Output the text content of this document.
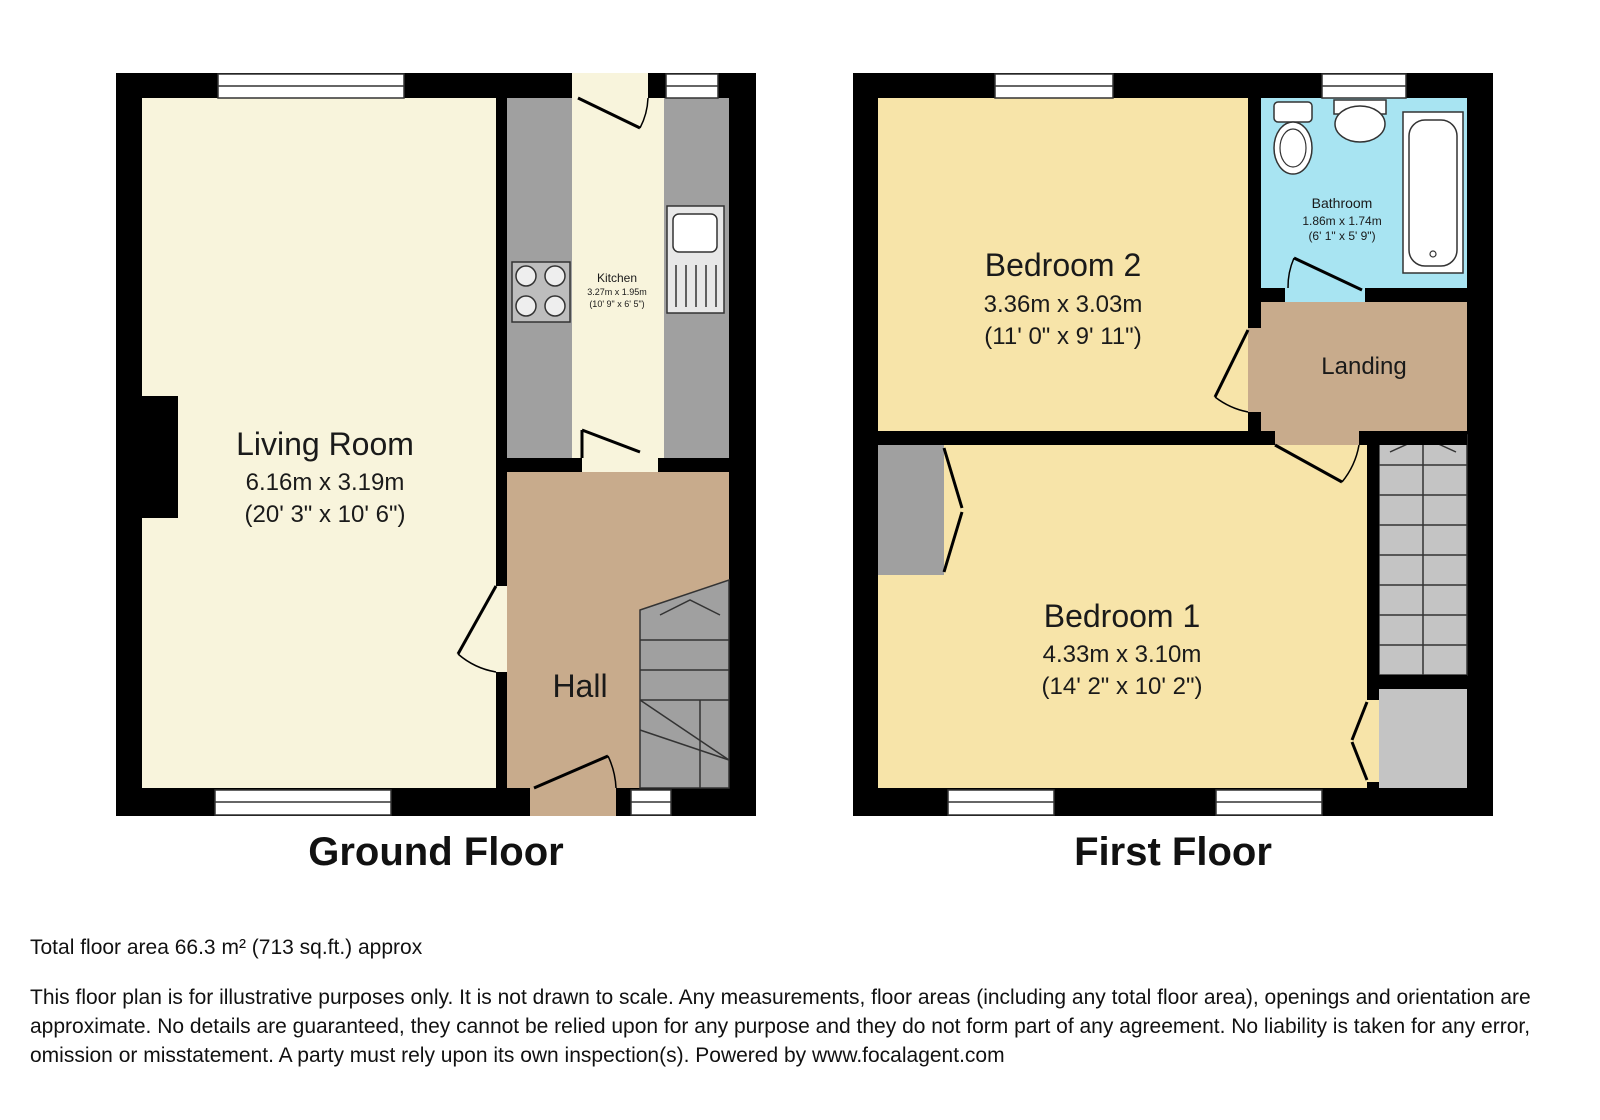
Living Room
6.16m x 3.19m
(20' 3" x 10' 6")
Kitchen
3.27m x 1.95m
(10' 9" x 6' 5")
Hall
Bedroom 2
3.36m x 3.03m
(11' 0" x 9' 11")
Bathroom
1.86m x 1.74m
(6' 1" x 5' 9")
Landing
Bedroom 1
4.33m x 3.10m
(14' 2" x 10' 2")
Ground Floor	First Floor
Total floor area 66.3 m² (713 sq.ft.) approx
This floor plan is for illustrative purposes only. It is not drawn to scale. Any measurements, floor areas (including any total floor area), openings and orientation are approximate. No details are guaranteed, they cannot be relied upon for any purpose and they do not form part of any agreement. No liability is taken for any error, omission or misstatement. A party must rely upon its own inspection(s). Powered by www.focalagent.com
